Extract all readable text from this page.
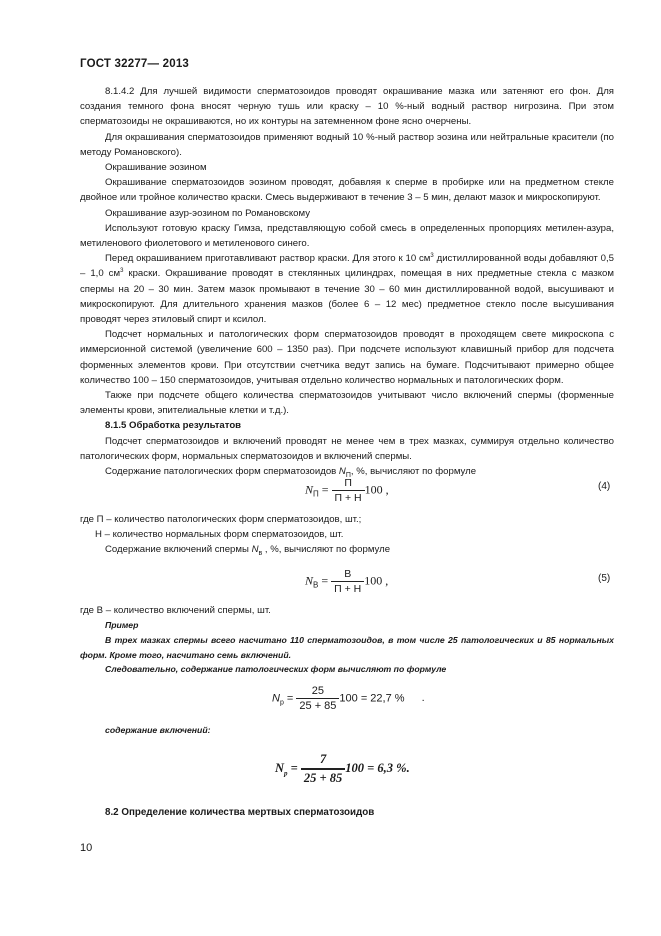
ГОСТ 32277— 2013

8.1.4.2 Для лучшей видимости сперматозоидов проводят окрашивание мазка или затеняют его фон. Для создания темного фона вносят черную тушь или краску – 10 %-ный водный раствор нигрозина. При этом сперматозоиды не окрашиваются, но их контуры на затемненном фоне ясно очерчены.

Для окрашивания сперматозоидов применяют водный 10 %-ный раствор эозина или нейтральные красители (по методу Романовского).

Окрашивание эозином

Окрашивание сперматозоидов эозином проводят, добавляя к сперме в пробирке или на предметном стекле двойное или тройное количество краски. Смесь выдерживают в течение 3 – 5 мин, делают мазок и микроскопируют.

Окрашивание азур-эозином по Романовскому

Используют готовую краску Гимза, представляющую собой смесь в определенных пропорциях метилен-азура, метиленового фиолетового и метиленового синего.

Перед окрашиванием приготавливают раствор краски. Для этого к 10 $см^3$ дистиллированной воды добавляют 0,5 – 1,0 $см^3$ краски. Окрашивание проводят в стеклянных цилиндрах, помещая в них предметные стекла с мазком спермы на 20 – 30 мин. Затем мазок промывают в течение 30 – 60 мин дистиллированной водой, высушивают и микроскопируют. Для длительного хранения мазков (более 6 – 12 мес) предметное стекло после высушивания проводят через этиловый спирт и ксилол.

Подсчет нормальных и патологических форм сперматозоидов проводят в проходящем свете микроскопа с иммерсионной системой (увеличение 600 – 1350 раз). При подсчете используют клавишный прибор для подсчета форменных элементов крови. При отсутствии счетчика ведут запись на бумаге. Подсчитывают примерно общее количество 100 – 150 сперматозоидов, учитывая отдельно количество нормальных и патологических форм.

Также при подсчете общего количества сперматозоидов учитывают число включений спермы (форменные элементы крови, эпителиальные клетки и т.д.).

8.1.5 Обработка результатов

Подсчет сперматозоидов и включений проводят не менее чем в трех мазках, суммируя отдельно количество патологических форм, нормальных сперматозоидов и включений спермы.

Содержание патологических форм сперматозоидов $N_П$, %, вычисляют по формуле

$N_П = \frac{П}{П + Н} 100$ ,	(4)

где П – количество патологических форм сперматозоидов, шт.;

Н – количество нормальных форм сперматозоидов, шт.

Содержание включений спермы $N_в$ , %, вычисляют по формуле

$N_В = \frac{В}{П + Н} 100$ ,	(5)

где В – количество включений спермы, шт.

Пример

В трех мазках спермы всего насчитано 110 сперматозоидов, в том числе 25 патологических и 85 нормальных форм. Кроме того, насчитано семь включений.

Следовательно, содержание патологических форм вычисляют по формуле

$N_р = \frac{25}{25 + 85} 100 = 22,7$ % .
содержание включений:
$N_р = \frac{7}{25 + 85} 100 = 6,3$ %.
8.2 Определение количества мертвых сперматозоидов
10
